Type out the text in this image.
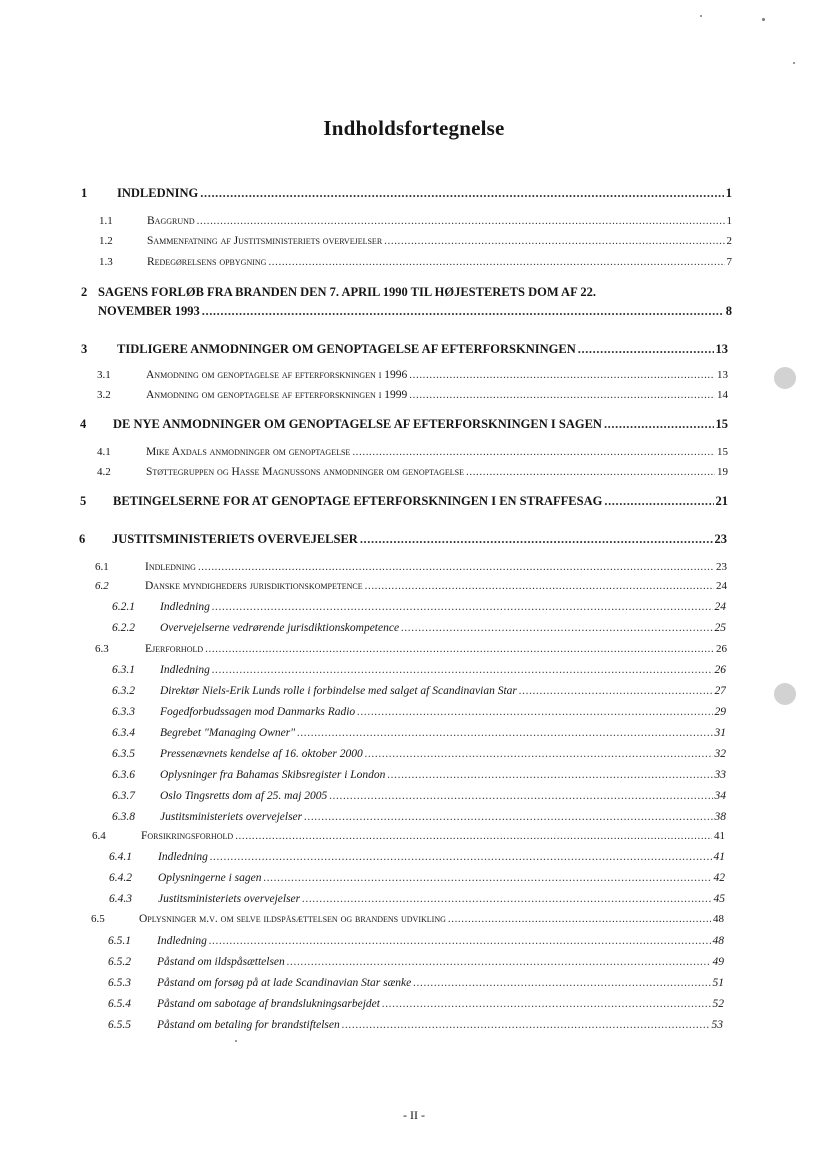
Indholdsfortegnelse
1 INDLEDNING .....	1
1.1	Baggrund .....	1
1.2	Sammenfatning af Justitsministeriets overvejelser .....	2
1.3	Redegørelsens opbygning .....	7
2 SAGENS FORLØB FRA BRANDEN DEN 7. APRIL 1990 TIL HØJESTERETS DOM AF 22.
NOVEMBER 1993 .....	8
3 TIDLIGERE ANMODNINGER OM GENOPTAGELSE AF EFTERFORSKNINGEN .....	13
3.1	Anmodning om genoptagelse af efterforskningen i 1996 .....	13
3.2	Anmodning om genoptagelse af efterforskningen i 1999 .....	14
4 DE NYE ANMODNINGER OM GENOPTAGELSE AF EFTERFORSKNINGEN I SAGEN .....	15
4.1	Mike Axdals anmodninger om genoptagelse .....	15
4.2	Støttegruppen og Hasse Magnussons anmodninger om genoptagelse .....	19
5 BETINGELSERNE FOR AT GENOPTAGE EFTERFORSKNINGEN I EN STRAFFESAG .....	21
6 JUSTITSMINISTERIETS OVERVEJELSER .....	23
6.1	Indledning .....	23
6.2	Danske myndigheders jurisdiktionskompetence .....	24
6.2.1 Indledning .....	24
6.2.2 Overvejelserne vedrørende jurisdiktionskompetence .....	25
6.3	Ejerforhold .....	26
6.3.1 Indledning .....	26
6.3.2 Direktør Niels-Erik Lunds rolle i forbindelse med salget af Scandinavian Star .....	27
6.3.3 Fogedforbudssagen mod Danmarks Radio .....	29
6.3.4 Begrebet "Managing Owner" .....	31
6.3.5 Pressenævnets kendelse af 16. oktober 2000 .....	32
6.3.6 Oplysninger fra Bahamas Skibsregister i London .....	33
6.3.7 Oslo Tingsretts dom af 25. maj 2005 .....	34
6.3.8 Justitsministeriets overvejelser .....	38
6.4	Forsikringsforhold .....	41
6.4.1 Indledning .....	41
6.4.2 Oplysningerne i sagen .....	42
6.4.3 Justitsministeriets overvejelser .....	45
6.5	Oplysninger m.v. om selve ildspåsættelsen og brandens udvikling .....	48
6.5.1 Indledning .....	48
6.5.2 Påstand om ildspåsættelsen .....	49
6.5.3 Påstand om forsøg på at lade Scandinavian Star sænke .....	51
6.5.4 Påstand om sabotage af brandslukningsarbejdet .....	52
6.5.5 Påstand om betaling for brandstiftelsen .....	53
- II -
